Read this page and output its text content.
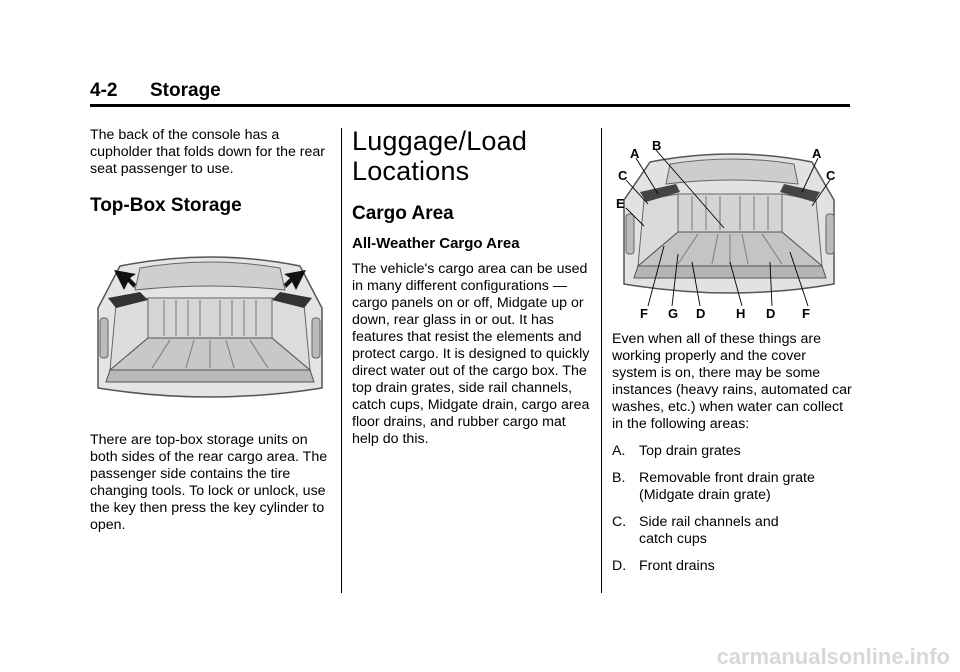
4-2 Storage

The back of the console has a cupholder that folds down for the rear seat passenger to use.

Top-Box Storage

There are top-box storage units on both sides of the rear cargo area. The passenger side contains the tire changing tools. To lock or unlock, use the key then press the key cylinder to open.

Luggage/Load
Locations
Cargo Area
All-Weather Cargo Area

The vehicle's cargo area can be used in many different configurations — cargo panels on or off, Midgate up or down, rear glass in or out. It has features that resist the elements and protect cargo. It is designed to quickly direct water out of the cargo box. The top drain grates, side rail channels, catch cups, Midgate drain, cargo area floor drains, and rubber cargo mat help do this.

A
B
A
C	C
E
F G D H D F

Even when all of these things are working properly and the cover system is on, there may be some instances (heavy rains, automated car washes, etc.) when water can collect in the following areas:

A. Top drain grates
B. Removable front drain grate
(Midgate drain grate)
C. Side rail channels and
catch cups
D. Front drains
carmanualsonline.info
